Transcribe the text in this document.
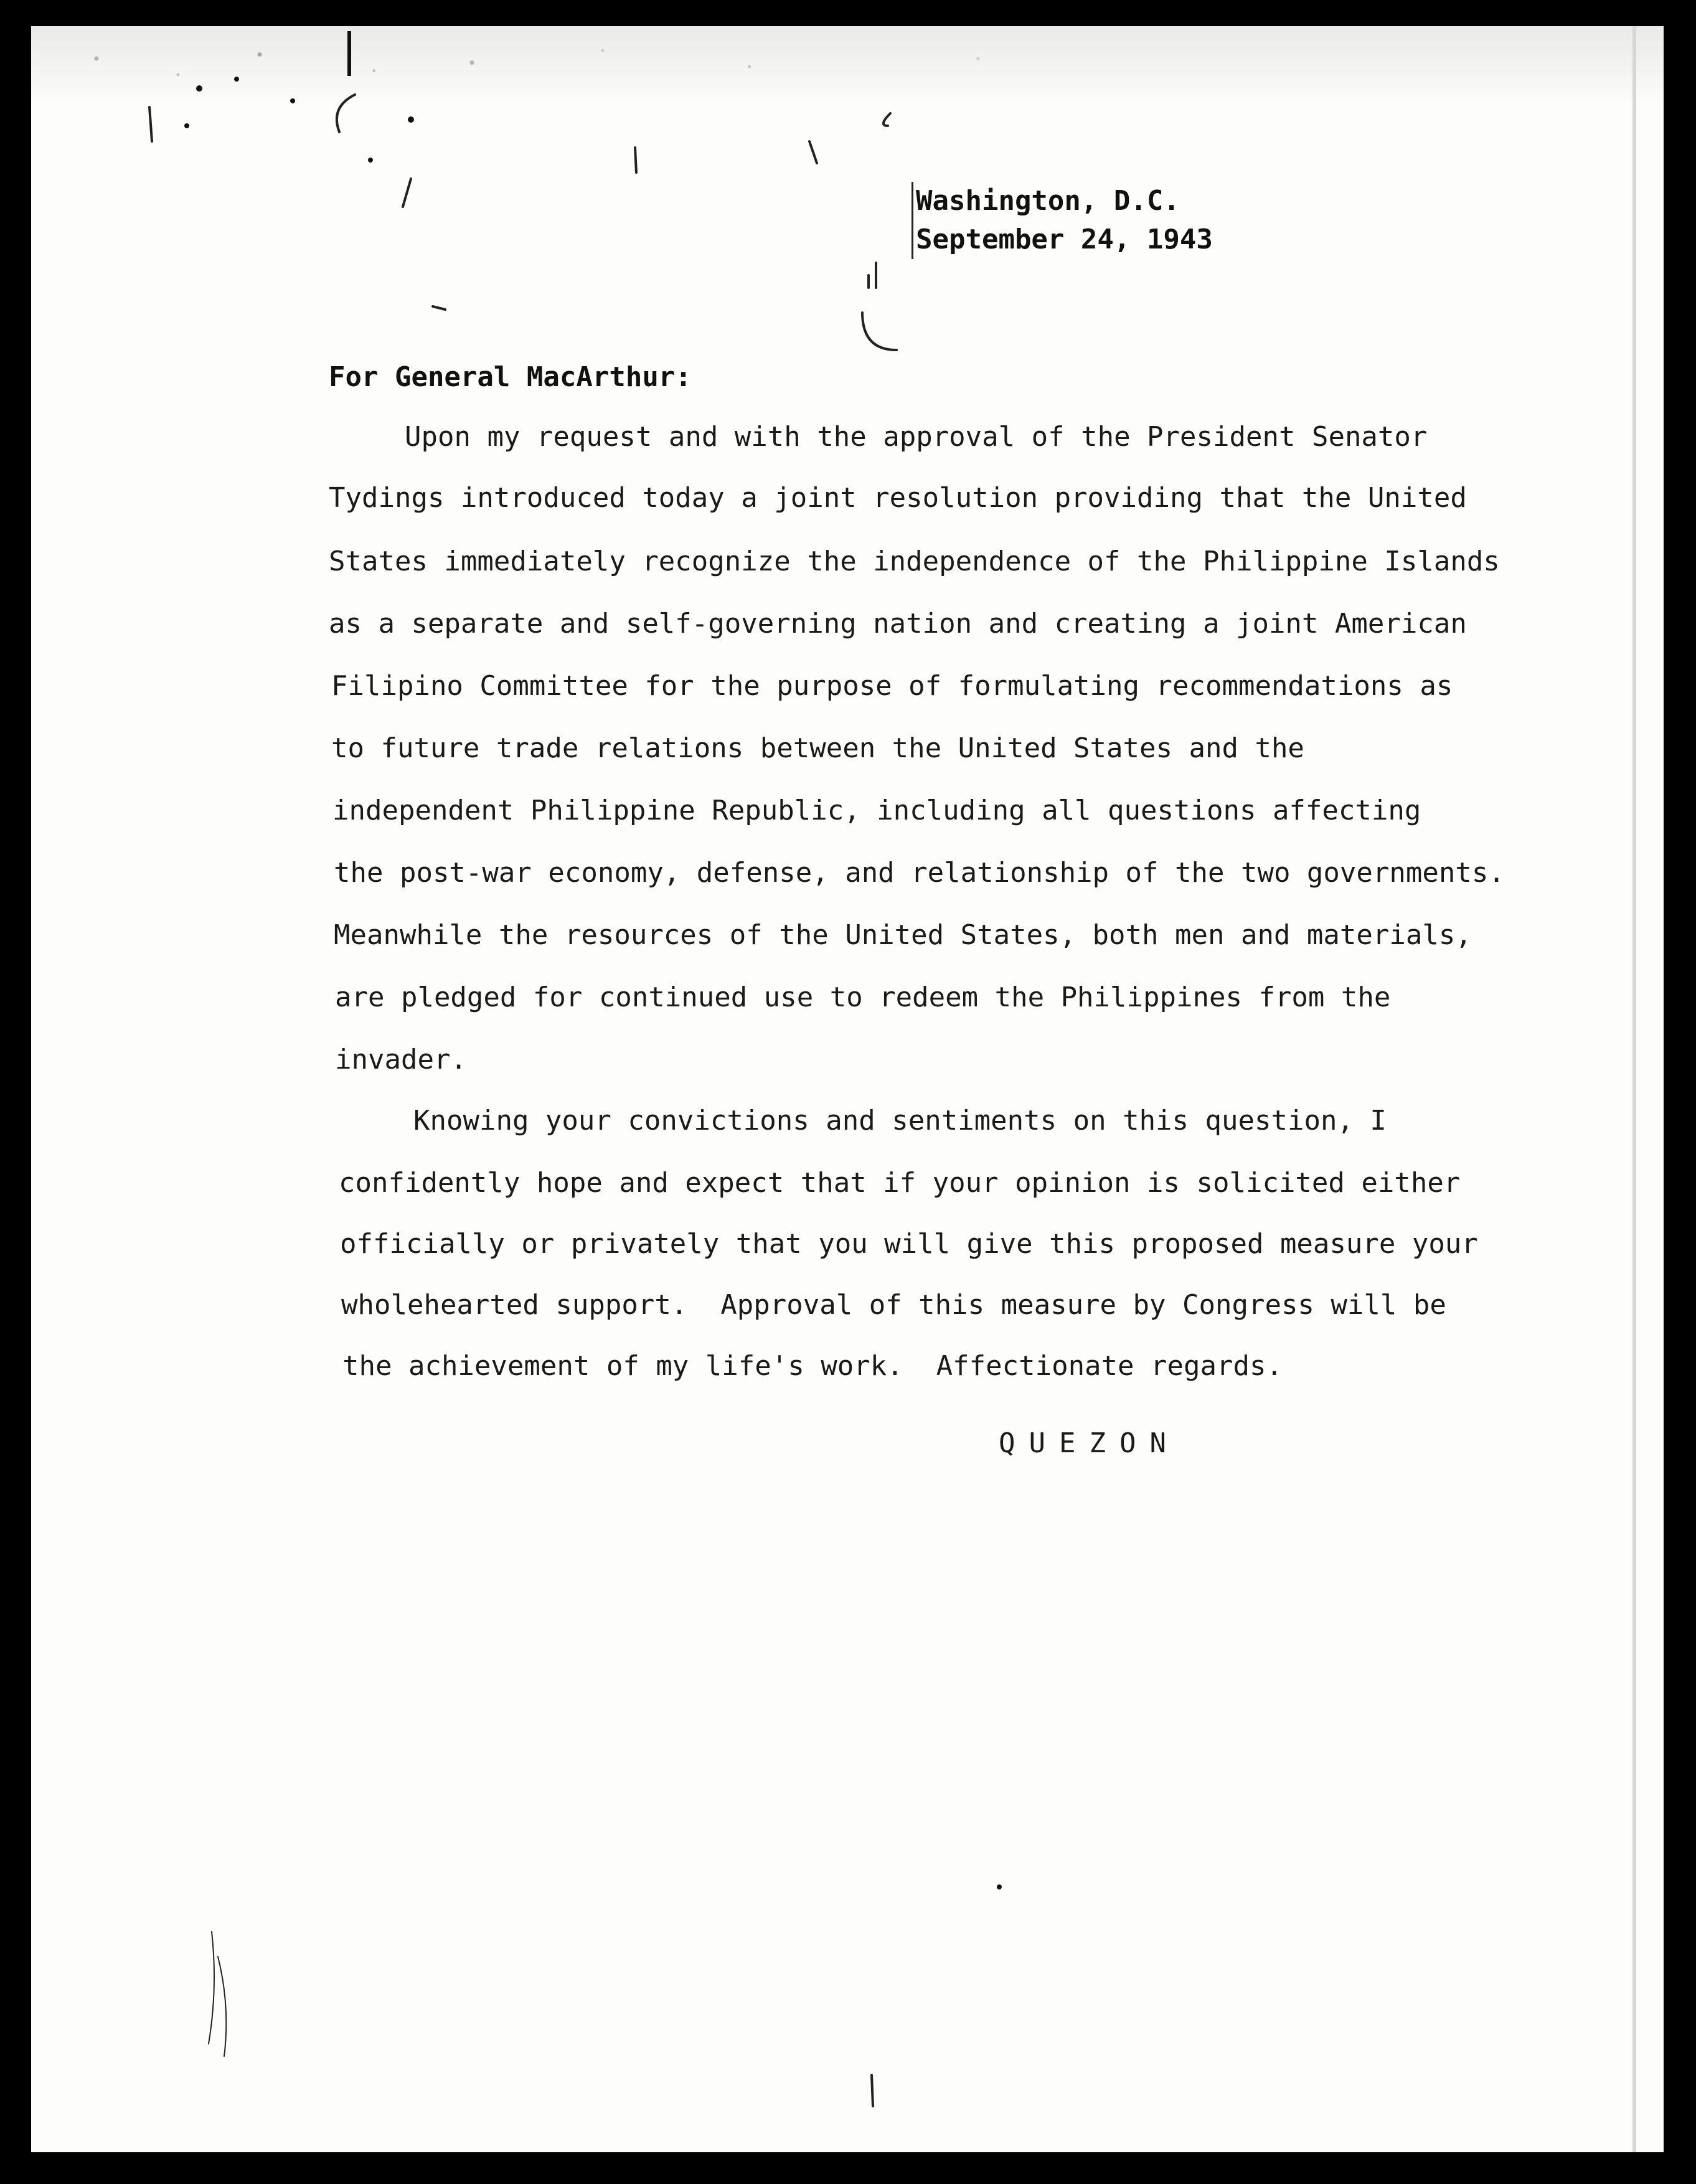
Washington, D.C.
September 24, 1943
For General MacArthur:
Upon my request and with the approval of the President Senator
Tydings introduced today a joint resolution providing that the United
States immediately recognize the independence of the Philippine Islands
as a separate and self-governing nation and creating a joint American
Filipino Committee for the purpose of formulating recommendations as
to future trade relations between the United States and the
independent Philippine Republic, including all questions affecting
the post-war economy, defense, and relationship of the two governments.
Meanwhile the resources of the United States, both men and materials,
are pledged for continued use to redeem the Philippines from the
invader.
Knowing your convictions and sentiments on this question, I
confidently hope and expect that if your opinion is solicited either
officially or privately that you will give this proposed measure your
wholehearted support.  Approval of this measure by Congress will be
the achievement of my life's work.  Affectionate regards.
QUEZON
